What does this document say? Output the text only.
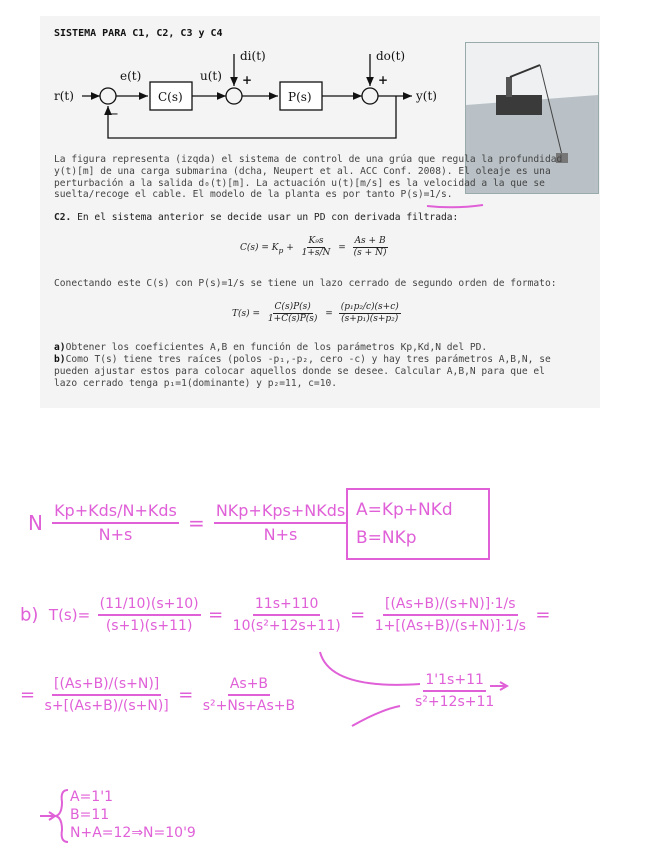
SISTEMA PARA C1, C2, C3 y C4
r(t)
−
e(t)
C(s)
u(t)
di(t)
+
P(s)
do(t)
+
y(t)
La figura representa (izqda) el sistema de control de una grúa que regula la profundidad
y(t)[m] de una carga submarina (dcha, Neupert et al. ACC Conf. 2008). El oleaje es una
perturbación a la salida d₀(t)[m]. La actuación u(t)[m/s] es la velocidad a la que se
suelta/recoge el cable. El modelo de la planta es por tanto P(s)=1/s.
C2. En el sistema anterior se decide usar un PD con derivada filtrada:
$C(s) = K_p + \frac{\text{K₉s}}{1+s/N} = \frac{As + B}{(s + N)}$
Conectando este C(s) con P(s)=1/s se tiene un lazo cerrado de segundo orden de formato:
$T(s) = \frac{C(s)P(s)}{1+C(s)P(s)} = \frac{\text{(p₁p₂/c)(s+c)}}{\text{(s+p₁)(s+p₂)}}$
a)Obtener los coeficientes A,B en función de los parámetros Kp,Kd,N del PD.
b)Como T(s) tiene tres raíces (polos -p₁,-p₂, cero -c) y hay tres parámetros A,B,N, se
pueden ajustar estos para colocar aquellos donde se desee. Calcular A,B,N para que el
lazo cerrado tenga p₁=1(dominante) y p₂=11, c=10.
N $\frac{\text{Kp+Kds/N+Kds}}{N+s} = \frac{\text{NKp+Kps+NKds}}{N+s} A=Kp+NKd$
B=NKp
b) $T(s)= \frac{(11/10)(s+10)}{(s+1)(s+11)} = \frac{11s+110}{\text{10(s²+12s+11)}} = \frac{[(As+B)/(s+N)]\cdot 1/s}{1+[(As+B)/(s+N)]\cdot 1/s}$ =
= $\frac{[(As+B)/(s+N)]}{s+[(As+B)/(s+N)]} = \frac{As+B}{\text{s²+Ns+As+B}}$	$\frac{1'1s+11}{\text{s²+12s+11}}$
A=1'1
B=11
N+A=12⇒N=10'9
